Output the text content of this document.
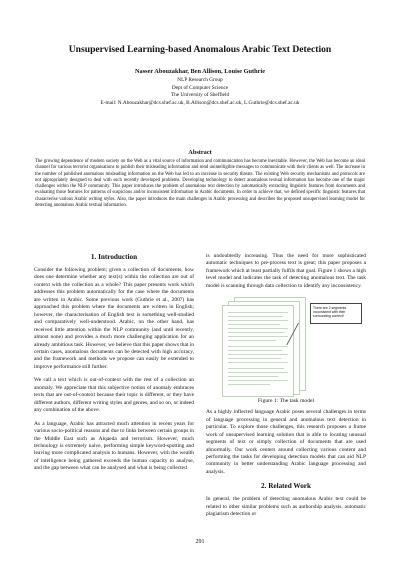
Unsupervised Learning-based Anomalous Arabic Text Detection
Nasser Abouzakhar, Ben Allison, Louise Guthrie
NLP Research Group
Dept of Computer Science
The University of Sheffield
E-mail: N.Abouzakhar@dcs.shef.ac.uk, B.Allison@dcs.shef.ac.uk, L.Guthrie@dcs.shef.ac.uk
Abstract
The growing dependence of modern society on the Web as a vital source of information and communication has become inevitable. However, the Web has become an ideal channel for various terrorist organisations to publish their misleading information and send unintelligible messages to communicate with their clients as well. The increase in the number of published anomalous misleading information on the Web has led to an increase in security threats. The existing Web security mechanisms and protocols are not appropriately designed to deal with such recently developed problems. Developing technology to detect anomalous textual information has become one of the major challenges within the NLP community. This paper introduces the problem of anomalous text detection by automatically extracting linguistic features from documents and evaluating those features for patterns of suspicious and/or inconsistent information in Arabic documents. In order to achieve that, we defined specific linguistic features that characterise various Arabic writing styles. Also, the paper introduces the main challenges in Arabic processing and describes the proposed unsupervised learning model for detecting anomalous Arabic textual information.
1. Introduction

Consider the following problem; given a collection of documents, how does one determine whether any text(s) within the collection are out of context with the collection as a whole? This paper presents work which addresses this problem automatically for the case where the documents are written in Arabic. Some previous work (Guthrie et al., 2007) has approached this problem where the documents are written in English; however, the characterisation of English text is something well-studied and comparatively well-understood. Arabic, on the other hand, has received little attention within the NLP community (and until recently, almost none) and provides a much more challenging application for an already ambitious task. However, we believe that this paper shows that in certain cases, anomalous documents can be detected with high accuracy, and the framework and methods we propose can easily be extended to improve performance still further.

We call a text which is out-of-context with the rest of a collection an anomaly. We appreciate that this subjective notion of anomaly embraces texts that are out-of-context because their topic is different, or they have different authors, different writing styles and genres, and so on, or indeed any combination of the above.

As a language, Arabic has attracted much attention in recent years for various socio-political reasons and due to links between certain groups in the Middle East such as Alqaeda and terrorism. However, much technology is extremely naive, performing simple keyword-spotting and leaving more complicated analysis to humans. However, with the wealth of intelligence being gathered exceeds the human capacity to analyse, and the gap between what can be analysed and what is being collected

is undoubtedly increasing. Thus the need for more sophisticated automatic techniques to pre-process text is great; this paper proposes a framework which at least partially fulfils that goal. Figure 1 shows a high level model and indicates the task of detecting anomalous text. The task model is scanning through data collection to identify any inconsistency.

There are 2 segments inconsistent with their surrounding context!

Figure 1: The task model

As a highly inflected language Arabic poses several challenges in terms of language processing in general and anomalous text detection in particular. To explore those challenges, this research proposes a frame work of unsupervised learning solution that is able to locating unusual segments of text or simply collection of documents that are used abnormally. Our work centers around collecting various content and performing the tasks for developing detection models that can aid NLP community in better understanding Arabic language processing and analysis.

2. Related Work

In general, the problem of detecting anomalous Arabic text could be related to other similar problems such as authorship analysis, automatic plagiarism detection or

291
